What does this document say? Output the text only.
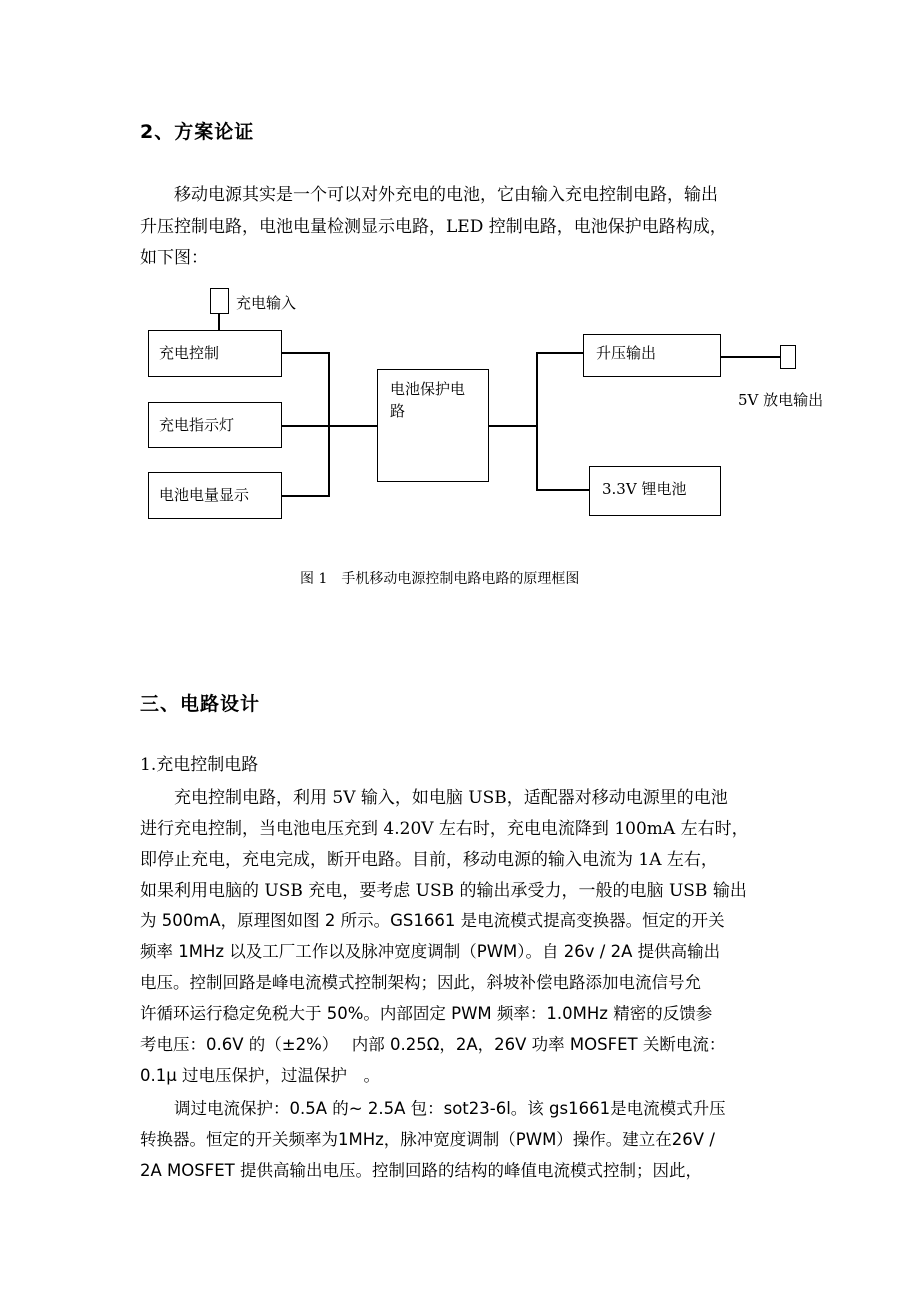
2、方案论证
移动电源其实是一个可以对外充电的电池，它由输入充电控制电路，输出
升压控制电路，电池电量检测显示电路，LED 控制电路，电池保护电路构成，
如下图：
充电输入
充电控制
充电指示灯
电池电量显示
电池保护电路
升压输出
5V 放电输出
3.3V 锂电池
图 1　手机移动电源控制电路电路的原理框图
三、电路设计
1.充电控制电路
充电控制电路，利用 5V 输入，如电脑 USB，适配器对移动电源里的电池
进行充电控制，当电池电压充到 4.20V 左右时，充电电流降到 100mA 左右时，
即停止充电，充电完成，断开电路。目前，移动电源的输入电流为 1A 左右，
如果利用电脑的 USB 充电，要考虑 USB 的输出承受力，一般的电脑 USB 输出
为 500mA，原理图如图 2 所示。GS1661 是电流模式提高变换器。恒定的开关
频率 1MHz 以及工厂工作以及脉冲宽度调制（PWM）。自 26v / 2A 提供高输出
电压。控制回路是峰电流模式控制架构；因此，斜坡补偿电路添加电流信号允
许循环运行稳定免税大于 50%。内部固定 PWM 频率：1.0MHz 精密的反馈参
考电压：0.6V 的（±2%）　 内部 0.25Ω，2A，26V 功率 MOSFET 关断电流：
0.1μ 过电压保护，过温保护　。
调过电流保护：0.5A 的~ 2.5A 包：sot23-6l。该 gs1661是电流模式升压
转换器。恒定的开关频率为1MHz，脉冲宽度调制（PWM）操作。建立在26V /
2A MOSFET 提供高输出电压。控制回路的结构的峰值电流模式控制；因此，
